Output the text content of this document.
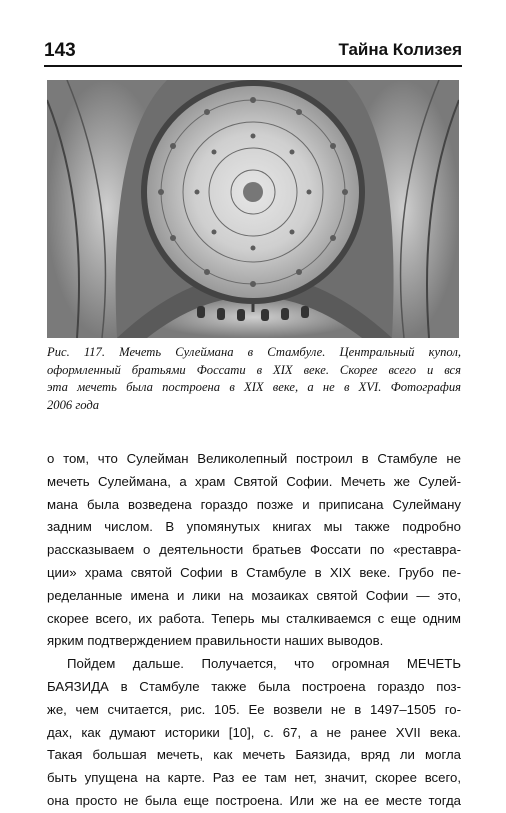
143	Тайна Колизея
Рис. 117. Мечеть Сулеймана в Стамбуле. Центральный купол,
оформленный братьями Фоссати в XIX веке. Скорее всего и вся
эта мечеть была построена в XIX веке, а не в XVI. Фотография
2006 года
о том, что Сулейман Великолепный построил в Стамбуле не
мечеть Сулеймана, а храм Святой Софии. Мечеть же Сулей-
мана была возведена гораздо позже и приписана Сулейману
задним числом. В упомянутых книгах мы также подробно
рассказываем о деятельности братьев Фоссати по «реставра-
ции» храма святой Софии в Стамбуле в XIX веке. Грубо пе-
ределанные имена и лики на мозаиках святой Софии — это,
скорее всего, их работа. Теперь мы сталкиваемся с еще одним
ярким подтверждением правильности наших выводов.
Пойдем дальше. Получается, что огромная МЕЧЕТЬ
БАЯЗИДА в Стамбуле также была построена гораздо поз-
же, чем считается, рис. 105. Ее возвели не в 1497–1505 го-
дах, как думают историки [10], с. 67, а не ранее XVII века.
Такая большая мечеть, как мечеть Баязида, вряд ли могла
быть упущена на карте. Раз ее там нет, значит, скорее всего,
она просто не была еще построена. Или же на ее месте тогда
